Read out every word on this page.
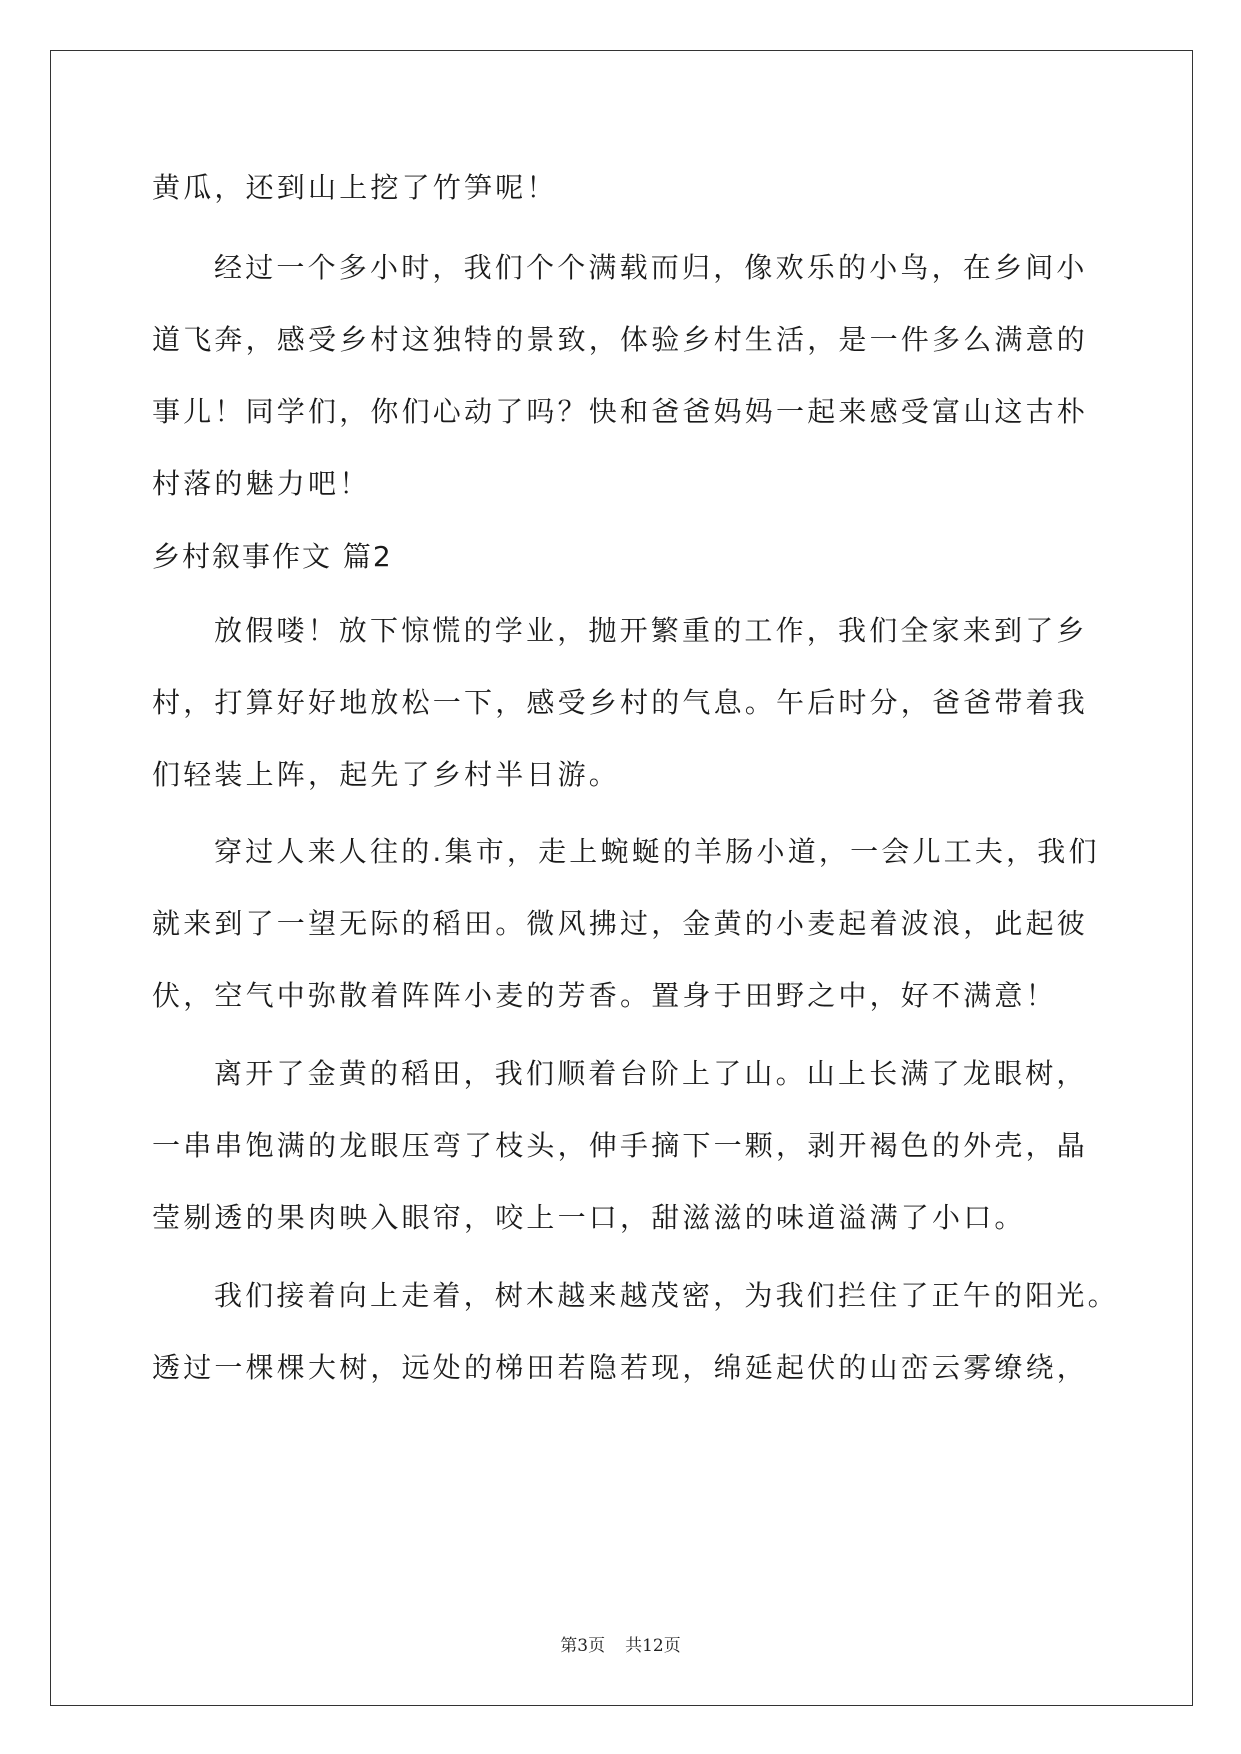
黄瓜，还到山上挖了竹笋呢！
经过一个多小时，我们个个满载而归，像欢乐的小鸟，在乡间小
道飞奔，感受乡村这独特的景致，体验乡村生活，是一件多么满意的
事儿！同学们，你们心动了吗？快和爸爸妈妈一起来感受富山这古朴
村落的魅力吧！
乡村叙事作文 篇2
放假喽！放下惊慌的学业，抛开繁重的工作，我们全家来到了乡
村，打算好好地放松一下，感受乡村的气息。午后时分，爸爸带着我
们轻装上阵，起先了乡村半日游。
穿过人来人往的.集市，走上蜿蜒的羊肠小道，一会儿工夫，我们
就来到了一望无际的稻田。微风拂过，金黄的小麦起着波浪，此起彼
伏，空气中弥散着阵阵小麦的芳香。置身于田野之中，好不满意！
离开了金黄的稻田，我们顺着台阶上了山。山上长满了龙眼树，
一串串饱满的龙眼压弯了枝头，伸手摘下一颗，剥开褐色的外壳，晶
莹剔透的果肉映入眼帘，咬上一口，甜滋滋的味道溢满了小口。
我们接着向上走着，树木越来越茂密，为我们拦住了正午的阳光。
透过一棵棵大树，远处的梯田若隐若现，绵延起伏的山峦云雾缭绕，
第3页 共12页
